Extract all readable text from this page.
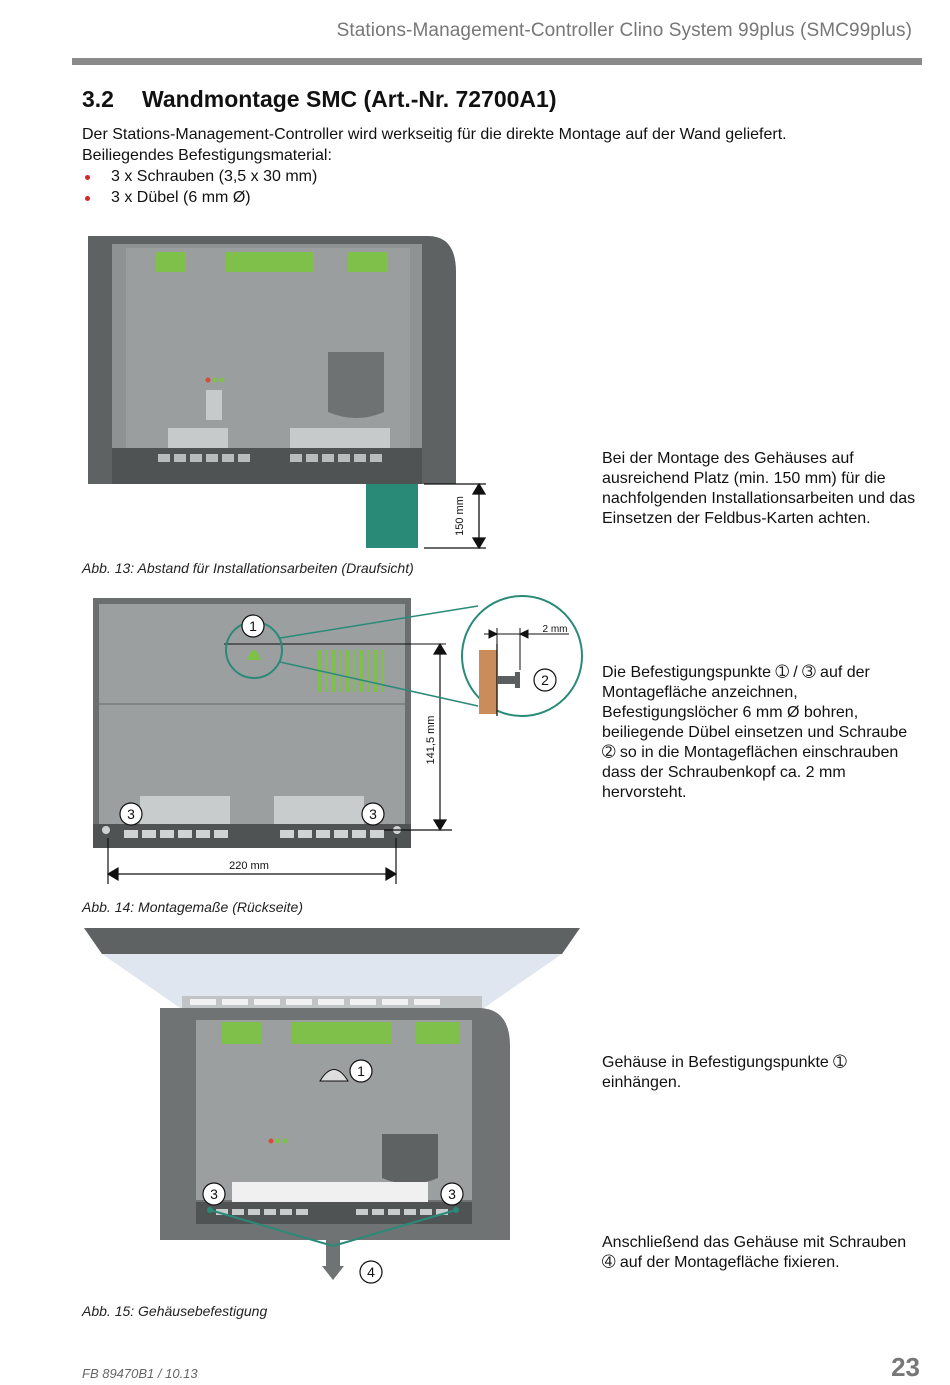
Stations-Management-Controller Clino System 99plus (SMC99plus)
3.2 Wandmontage SMC (Art.-Nr. 72700A1)

Der Stations-Management-Controller wird werkseitig für die direkte Montage auf der Wand geliefert.

Beiliegendes Befestigungsmaterial:

3 x Schrauben (3,5 x 30 mm)
3 x Dübel (6 mm Ø)
150 mm
Abb. 13: Abstand für Installationsarbeiten (Draufsicht)
Bei der Montage des Gehäuses auf ausreichend Platz (min. 150 mm) für die nachfolgenden Installationsarbeiten und das Einsetzen der Feldbus-Karten achten.
141,5 mm
220 mm
2 mm
1
2
3	3
Abb. 14: Montagemaße (Rückseite)
Die Befestigungspunkte ➀ / ➂ auf der Montagefläche anzeichnen, Befestigungslöcher 6 mm Ø bohren, beiliegende Dübel einsetzen und Schraube ➁ so in die Montageflächen einschrauben dass der Schraubenkopf ca. 2 mm hervorsteht.
1
3	3
4
Abb. 15: Gehäusebefestigung
Gehäuse in Befestigungspunkte ➀ einhängen.
Anschließend das Gehäuse mit Schrauben ➃ auf der Montagefläche fixieren.
FB 89470B1 / 10.13	23
